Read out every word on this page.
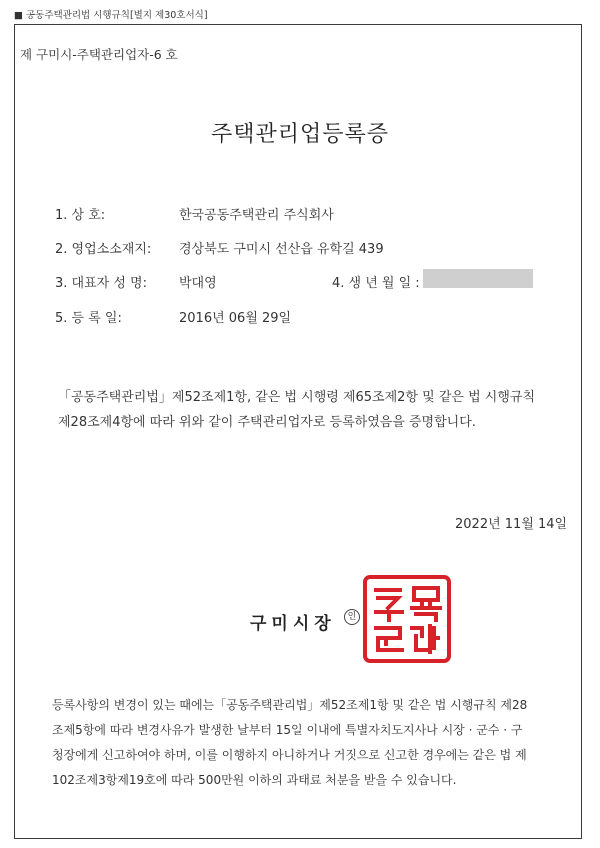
■ 공동주택관리법 시행규칙[별지 제30호서식]
제 구미시-주택관리업자-6 호
주택관리업등록증
1. 상 호:	한국공동주택관리 주식회사
2. 영업소소재지: 경상북도 구미시 선산읍 유학길 439
3. 대표자 성 명: 박대영	4. 생 년 월 일 :
5. 등 록 일:	2016년 06월 29일
「공동주택관리법」제52조제1항, 같은 법 시행령 제65조제2항 및 같은 법 시행규칙
제28조제4항에 따라 위와 같이 주택관리업자로 등록하였음을 증명합니다.
2022년 11월 14일
구미시장	인
등록사항의 변경이 있는 때에는「공동주택관리법」제52조제1항 및 같은 법 시행규칙 제28
조제5항에 따라 변경사유가 발생한 날부터 15일 이내에 특별자치도지사나 시장 · 군수 · 구
청장에게 신고하여야 하며, 이를 이행하지 아니하거나 거짓으로 신고한 경우에는 같은 법 제
102조제3항제19호에 따라 500만원 이하의 과태료 처분을 받을 수 있습니다.
